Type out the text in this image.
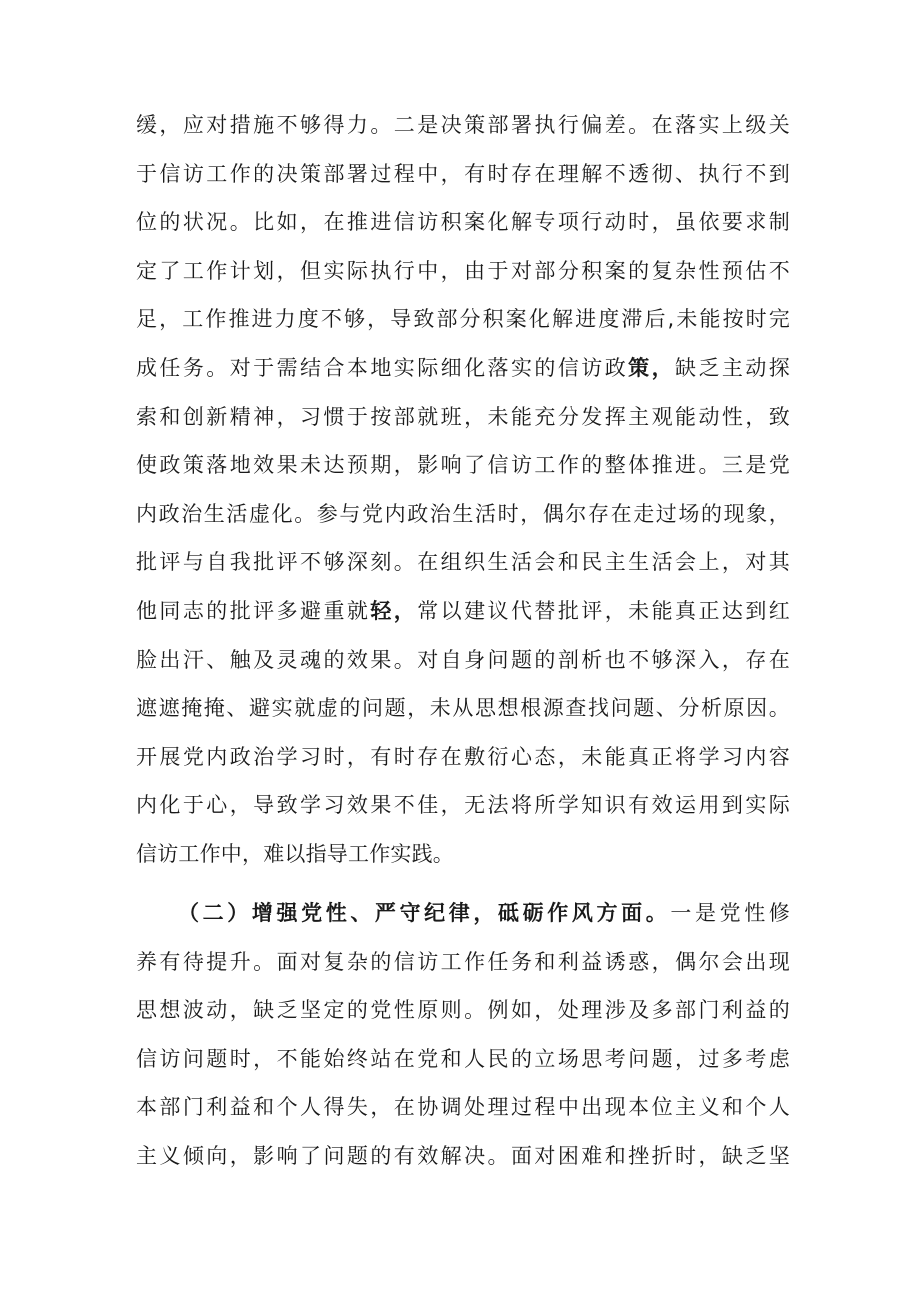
缓，应对措施不够得力。二是决策部署执行偏差。在落实上级关
于信访工作的决策部署过程中，有时存在理解不透彻、执行不到
位的状况。比如，在推进信访积案化解专项行动时，虽依要求制
定了工作计划，但实际执行中，由于对部分积案的复杂性预估不
足，工作推进力度不够，导致部分积案化解进度滞后,未能按时完
成任务。对于需结合本地实际细化落实的信访政策，缺乏主动探
索和创新精神，习惯于按部就班，未能充分发挥主观能动性，致
使政策落地效果未达预期，影响了信访工作的整体推进。三是党
内政治生活虚化。参与党内政治生活时，偶尔存在走过场的现象，
批评与自我批评不够深刻。在组织生活会和民主生活会上，对其
他同志的批评多避重就轻，常以建议代替批评，未能真正达到红
脸出汗、触及灵魂的效果。对自身问题的剖析也不够深入，存在
遮遮掩掩、避实就虚的问题，未从思想根源查找问题、分析原因。
开展党内政治学习时，有时存在敷衍心态，未能真正将学习内容
内化于心，导致学习效果不佳，无法将所学知识有效运用到实际
信访工作中，难以指导工作实践。
（二）增强党性、严守纪律，砥砺作风方面。一是党性修
养有待提升。面对复杂的信访工作任务和利益诱惑，偶尔会出现
思想波动，缺乏坚定的党性原则。例如，处理涉及多部门利益的
信访问题时，不能始终站在党和人民的立场思考问题，过多考虑
本部门利益和个人得失，在协调处理过程中出现本位主义和个人
主义倾向，影响了问题的有效解决。面对困难和挫折时，缺乏坚
